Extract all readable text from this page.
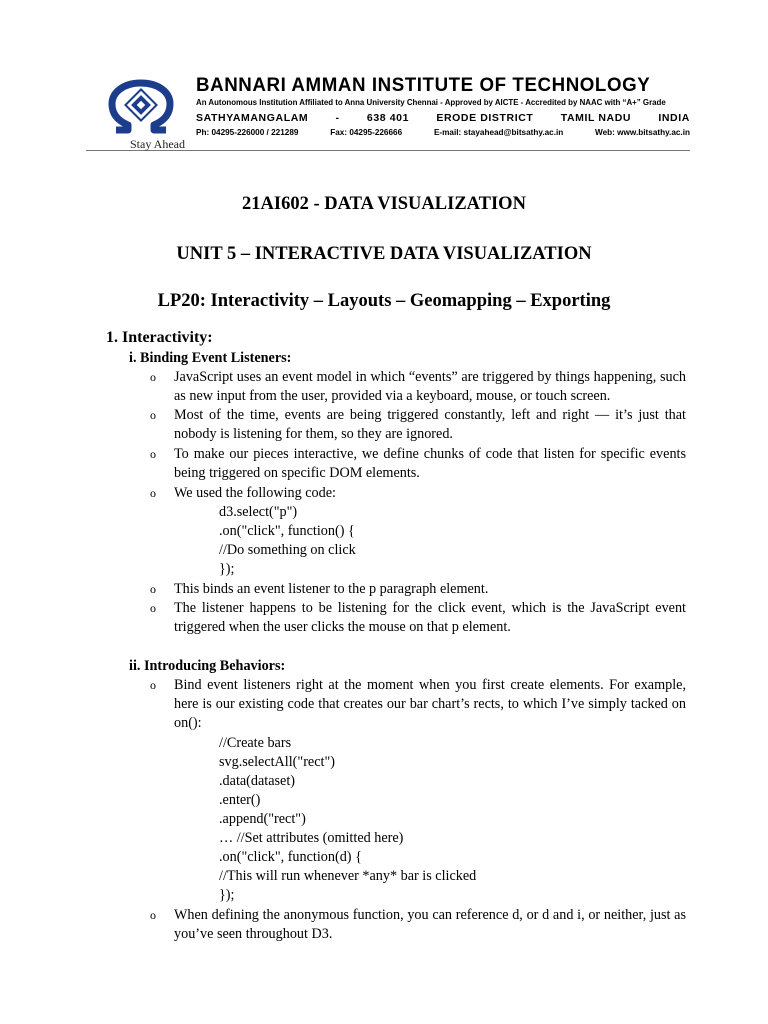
Stay Ahead
BANNARI AMMAN INSTITUTE OF TECHNOLOGY
An Autonomous Institution Affiliated to Anna University Chennai - Approved by AICTE - Accredited by NAAC with “A+” Grade
SATHYAMANGALAM	-	638 401	ERODE DISTRICT	TAMIL NADU	INDIA
Ph: 04295-226000 / 221289	Fax: 04295-226666	E-mail: stayahead@bitsathy.ac.in	Web: www.bitsathy.ac.in
21AI602 - DATA VISUALIZATION
UNIT 5 – INTERACTIVE DATA VISUALIZATION
LP20: Interactivity – Layouts – Geomapping – Exporting
1. Interactivity:
i. Binding Event Listeners:
o JavaScript uses an event model in which “events” are triggered by things happening, such as new input from the user, provided via a keyboard, mouse, or touch screen.
o Most of the time, events are being triggered constantly, left and right — it’s just that nobody is listening for them, so they are ignored.
o To make our pieces interactive, we define chunks of code that listen for specific events being triggered on specific DOM elements.
o We used the following code:
d3.select("p")
.on("click", function() {
//Do something on click
});
o This binds an event listener to the p paragraph element.
o The listener happens to be listening for the click event, which is the JavaScript event triggered when the user clicks the mouse on that p element.
ii. Introducing Behaviors:
o Bind event listeners right at the moment when you first create elements. For example, here is our existing code that creates our bar chart’s rects, to which I’ve simply tacked on on():
//Create bars
svg.selectAll("rect")
.data(dataset)
.enter()
.append("rect")
… //Set attributes (omitted here)
.on("click", function(d) {
//This will run whenever *any* bar is clicked
});
o When defining the anonymous function, you can reference d, or d and i, or neither, just as you’ve seen throughout D3.
